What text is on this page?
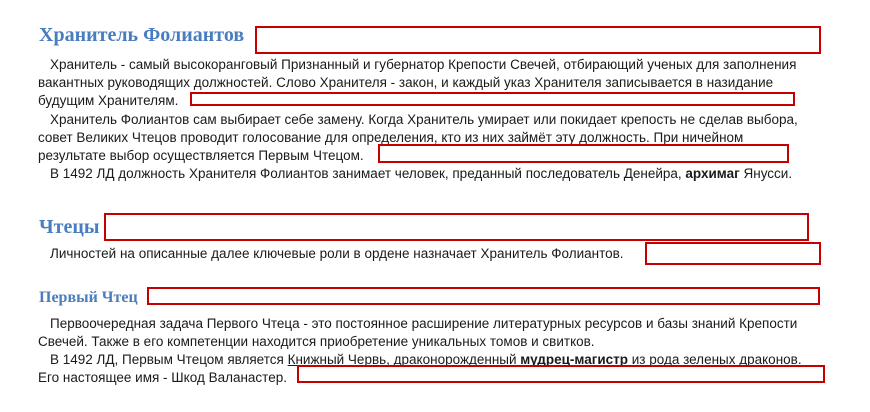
Хранитель Фолиантов

Хранитель - самый высокоранговый Признанный и губернатор Крепости Свечей, отбирающий ученых для заполнения
вакантных руководящих должностей. Слово Хранителя - закон, и каждый указ Хранителя записывается в назидание
будущим Хранителям.

Хранитель Фолиантов сам выбирает себе замену. Когда Хранитель умирает или покидает крепость не сделав выбора,
совет Великих Чтецов проводит голосование для определения, кто из них займёт эту должность. При ничейном
результате выбор осуществляется Первым Чтецом.

В 1492 ЛД должность Хранителя Фолиантов занимает человек, преданный последователь Денейра, архимаг Янусси.

Чтецы

Личностей на описанные далее ключевые роли в ордене назначает Хранитель Фолиантов.

Первый Чтец

Первоочередная задача Первого Чтеца - это постоянное расширение литературных ресурсов и базы знаний Крепости
Свечей. Также в его компетенции находится приобретение уникальных томов и свитков.

В 1492 ЛД, Первым Чтецом является Книжный Червь, драконорожденный мудрец-магистр из рода зеленых драконов.
Его настоящее имя - Шкод Валанастер.
